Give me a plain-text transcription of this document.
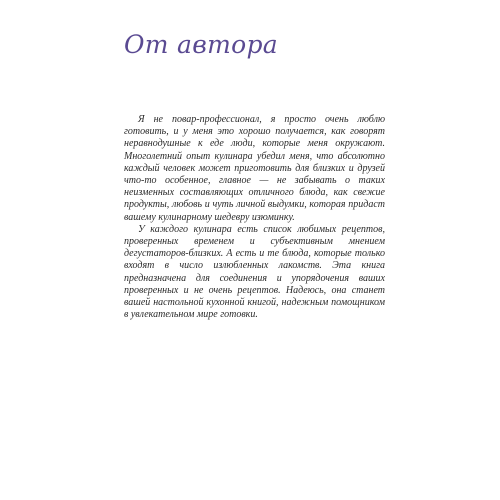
От автора

Я не повар-профессионал, я просто очень люблю готовить, и у меня это хорошо получается, как говорят неравнодушные к еде люди, которые меня окружают. Многолетний опыт кулинара убедил меня, что абсолютно каждый человек может приготовить для близких и друзей что-то особенное, главное — не забывать о таких неизменных составляющих отличного блюда, как свежие продукты, любовь и чуть личной выдумки, которая придаст вашему кулинарному шедевру изюминку.

У каждого кулинара есть список любимых рецептов, проверенных временем и субъективным мнением дегустаторов-близких. А есть и те блюда, которые только входят в число излюбленных лакомств. Эта книга предназначена для соединения и упорядочения ваших проверенных и не очень рецептов. Надеюсь, она станет вашей настольной кухонной книгой, надежным помощником в увлекательном мире готовки.
